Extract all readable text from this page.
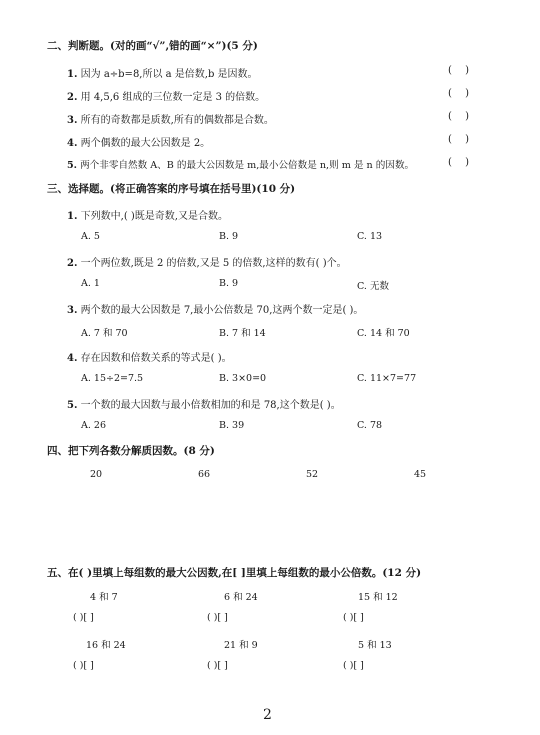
二、判断题。(对的画“√”,错的画“×”)(5 分)
1. 因为 a÷b=8,所以 a 是倍数,b 是因数。	( )
2. 用 4,5,6 组成的三位数一定是 3 的倍数。	( )
3. 所有的奇数都是质数,所有的偶数都是合数。	( )
4. 两个偶数的最大公因数是 2。	( )
5. 两个非零自然数 A、B 的最大公因数是 m,最小公倍数是 n,则 m 是 n 的因数。	( )
三、选择题。(将正确答案的序号填在括号里)(10 分)
1. 下列数中,( )既是奇数,又是合数。
A. 5	B. 9	C. 13
2. 一个两位数,既是 2 的倍数,又是 5 的倍数,这样的数有( )个。
A. 1	B. 9	C. 无数
3. 两个数的最大公因数是 7,最小公倍数是 70,这两个数一定是( )。
A. 7 和 70	B. 7 和 14	C. 14 和 70
4. 存在因数和倍数关系的等式是( )。
A. 15÷2=7.5	B. 3×0=0	C. 11×7=77
5. 一个数的最大因数与最小倍数相加的和是 78,这个数是( )。
A. 26	B. 39	C. 78
四、把下列各数分解质因数。(8 分)
20	66	52	45
五、在( )里填上每组数的最大公因数,在[ ]里填上每组数的最小公倍数。(12 分)
4 和 7	6 和 24	15 和 12
( )[ ]	( )[ ]	( )[ ]
16 和 24	21 和 9	5 和 13
( )[ ]	( )[ ]	( )[ ]
2
